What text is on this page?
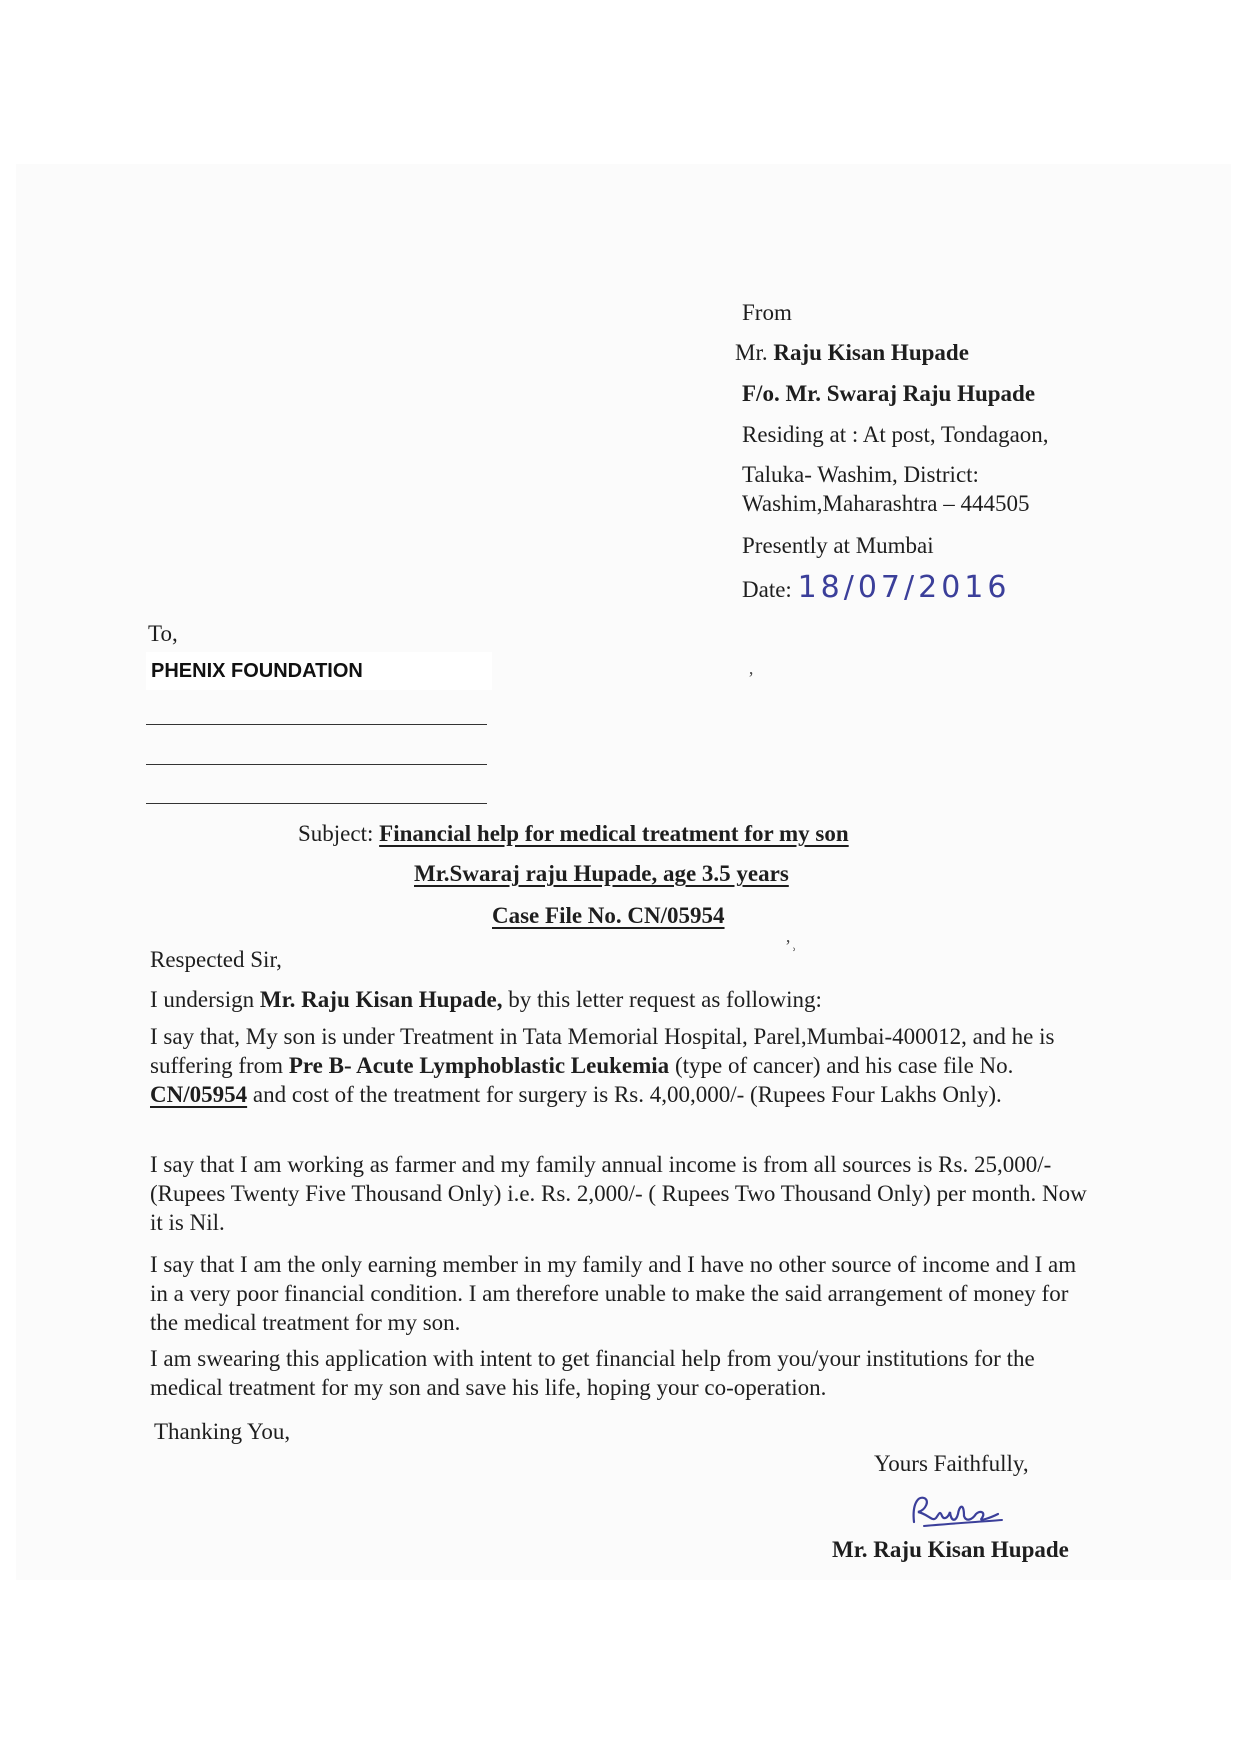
From
Mr. Raju Kisan Hupade
F/o. Mr. Swaraj Raju Hupade
Residing at : At post, Tondagaon,
Taluka- Washim, District:
Washim,Maharashtra – 444505
Presently at Mumbai
Date: 18/07/2016
To,
PHENIX FOUNDATION	ʼ
ʼ˒
Subject: Financial help for medical treatment for my son
Mr.Swaraj raju Hupade, age 3.5 years
Case File No. CN/05954
Respected Sir,
I undersign Mr. Raju Kisan Hupade, by this letter request as following:
I say that, My son is under Treatment in Tata Memorial Hospital, Parel,Mumbai-400012, and he is suffering from Pre B- Acute Lymphoblastic Leukemia (type of cancer) and his case file No. CN/05954 and cost of the treatment for surgery is Rs. 4,00,000/- (Rupees Four Lakhs Only).
I say that I am working as farmer and my family annual income is from all sources is Rs. 25,000/- (Rupees Twenty Five Thousand Only) i.e. Rs. 2,000/- ( Rupees Two Thousand Only) per month. Now it is Nil.
I say that I am the only earning member in my family and I have no other source of income and I am in a very poor financial condition. I am therefore unable to make the said arrangement of money for the medical treatment for my son.
I am swearing this application with intent to get financial help from you/your institutions for the medical treatment for my son and save his life, hoping your co-operation.
Thanking You,
Yours Faithfully,
Mr. Raju Kisan Hupade
